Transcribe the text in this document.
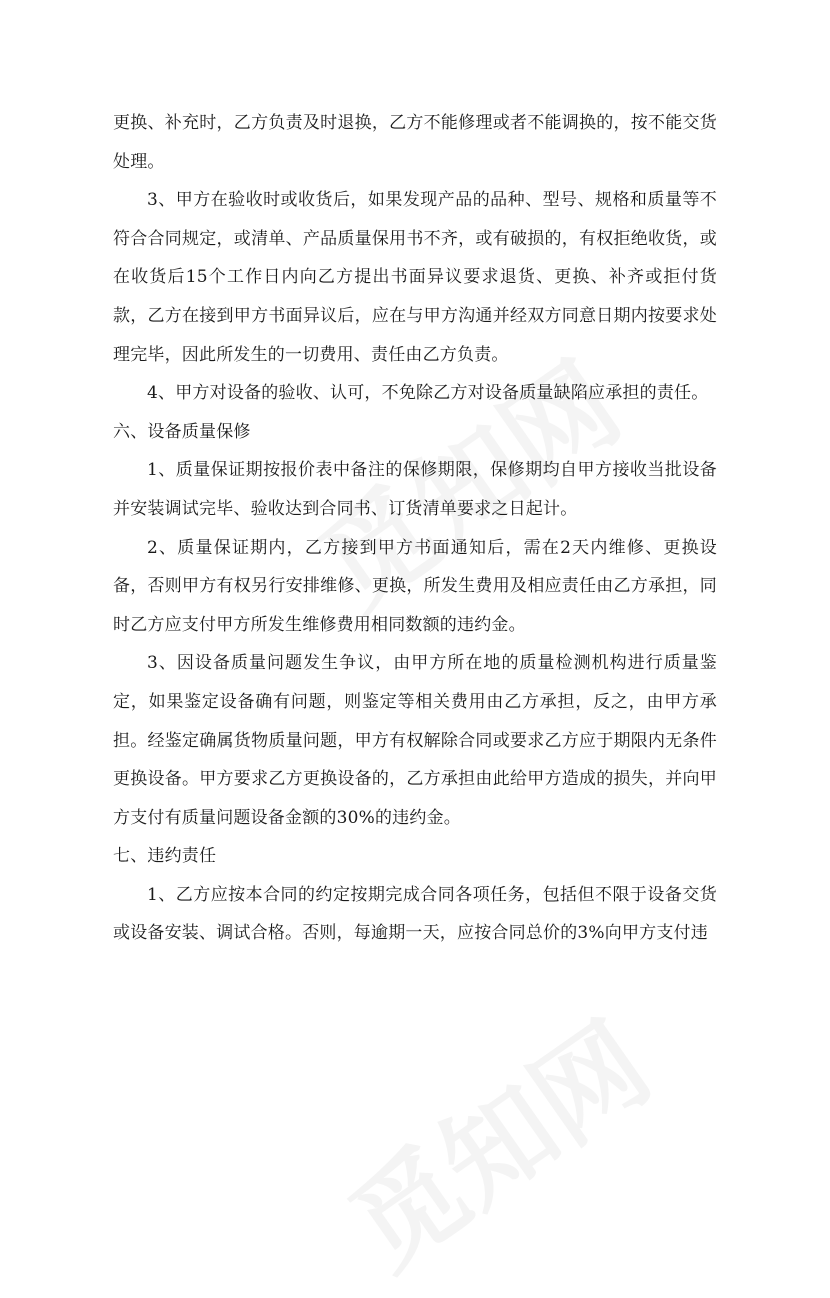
更换、补充时，乙方负责及时退换，乙方不能修理或者不能调换的，按不能交货处理。

3、甲方在验收时或收货后，如果发现产品的品种、型号、规格和质量等不符合合同规定，或清单、产品质量保用书不齐，或有破损的，有权拒绝收货，或在收货后15个工作日内向乙方提出书面异议要求退货、更换、补齐或拒付货款，乙方在接到甲方书面异议后，应在与甲方沟通并经双方同意日期内按要求处理完毕，因此所发生的一切费用、责任由乙方负责。

4、甲方对设备的验收、认可，不免除乙方对设备质量缺陷应承担的责任。

六、设备质量保修

1、质量保证期按报价表中备注的保修期限，保修期均自甲方接收当批设备并安装调试完毕、验收达到合同书、订货清单要求之日起计。

2、质量保证期内，乙方接到甲方书面通知后，需在2天内维修、更换设备，否则甲方有权另行安排维修、更换，所发生费用及相应责任由乙方承担，同时乙方应支付甲方所发生维修费用相同数额的违约金。

3、因设备质量问题发生争议，由甲方所在地的质量检测机构进行质量鉴定，如果鉴定设备确有问题，则鉴定等相关费用由乙方承担，反之，由甲方承担。经鉴定确属货物质量问题，甲方有权解除合同或要求乙方应于期限内无条件更换设备。甲方要求乙方更换设备的，乙方承担由此给甲方造成的损失，并向甲方支付有质量问题设备金额的30%的违约金。

七、违约责任

1、乙方应按本合同的约定按期完成合同各项任务，包括但不限于设备交货或设备安装、调试合格。否则，每逾期一天，应按合同总价的3%向甲方支付违
